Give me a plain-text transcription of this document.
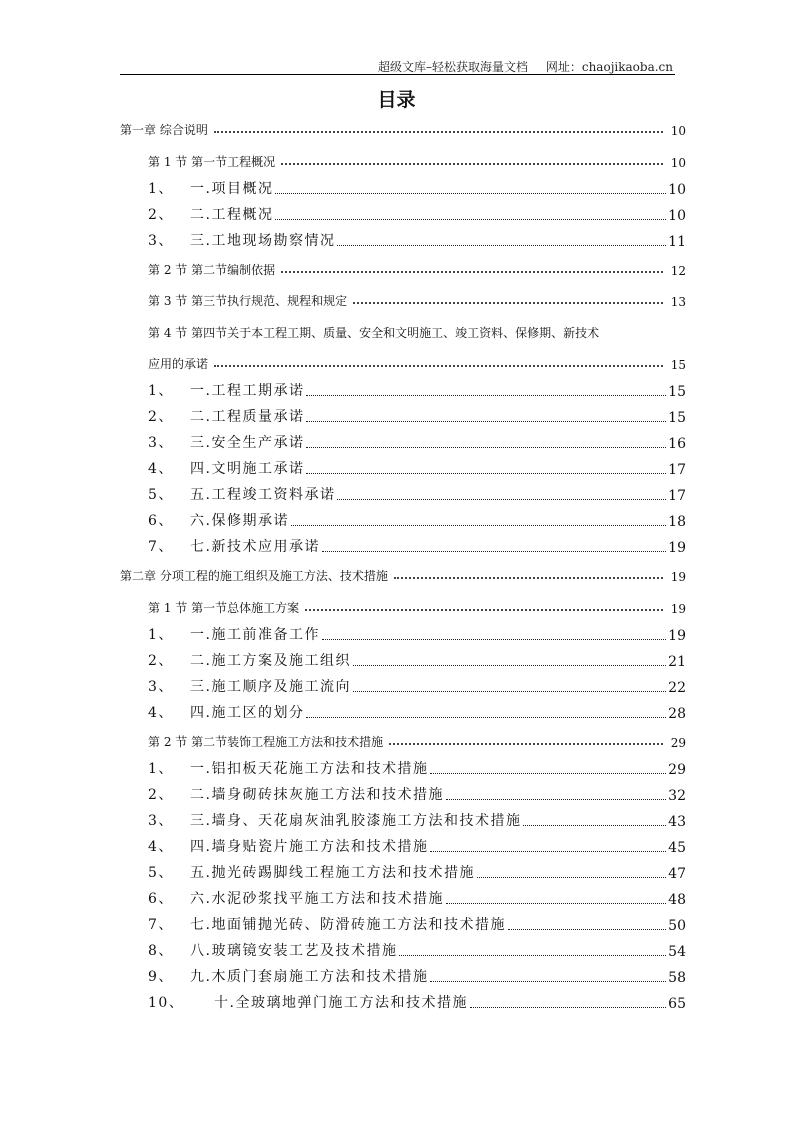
超级文库–轻松获取海量文档 网址：chaojikaoba.cn
目录
第一章 综合说明	10
第 1 节 第一节工程概况	10
1、 一.项目概况	10
2、 二.工程概况	10
3、 三.工地现场勘察情况	11
第 2 节 第二节编制依据	12
第 3 节 第三节执行规范、规程和规定	13
第 4 节 第四节关于本工程工期、质量、安全和文明施工、竣工资料、保修期、新技术
应用的承诺	15
1、 一.工程工期承诺	15
2、 二.工程质量承诺	15
3、 三.安全生产承诺	16
4、 四.文明施工承诺	17
5、 五.工程竣工资料承诺	17
6、 六.保修期承诺	18
7、 七.新技术应用承诺	19
第二章 分项工程的施工组织及施工方法、技术措施	19
第 1 节 第一节总体施工方案	19
1、 一.施工前准备工作	19
2、 二.施工方案及施工组织	21
3、 三.施工顺序及施工流向	22
4、 四.施工区的划分	28
第 2 节 第二节装饰工程施工方法和技术措施	29
1、 一.铝扣板天花施工方法和技术措施	29
2、 二.墙身砌砖抹灰施工方法和技术措施	32
3、 三.墙身、天花扇灰油乳胶漆施工方法和技术措施	43
4、 四.墙身贴瓷片施工方法和技术措施	45
5、 五.抛光砖踢脚线工程施工方法和技术措施	47
6、 六.水泥砂浆找平施工方法和技术措施	48
7、 七.地面铺抛光砖、防滑砖施工方法和技术措施	50
8、 八.玻璃镜安装工艺及技术措施	54
9、 九.木质门套扇施工方法和技术措施	58
10、 十.全玻璃地弹门施工方法和技术措施	65
